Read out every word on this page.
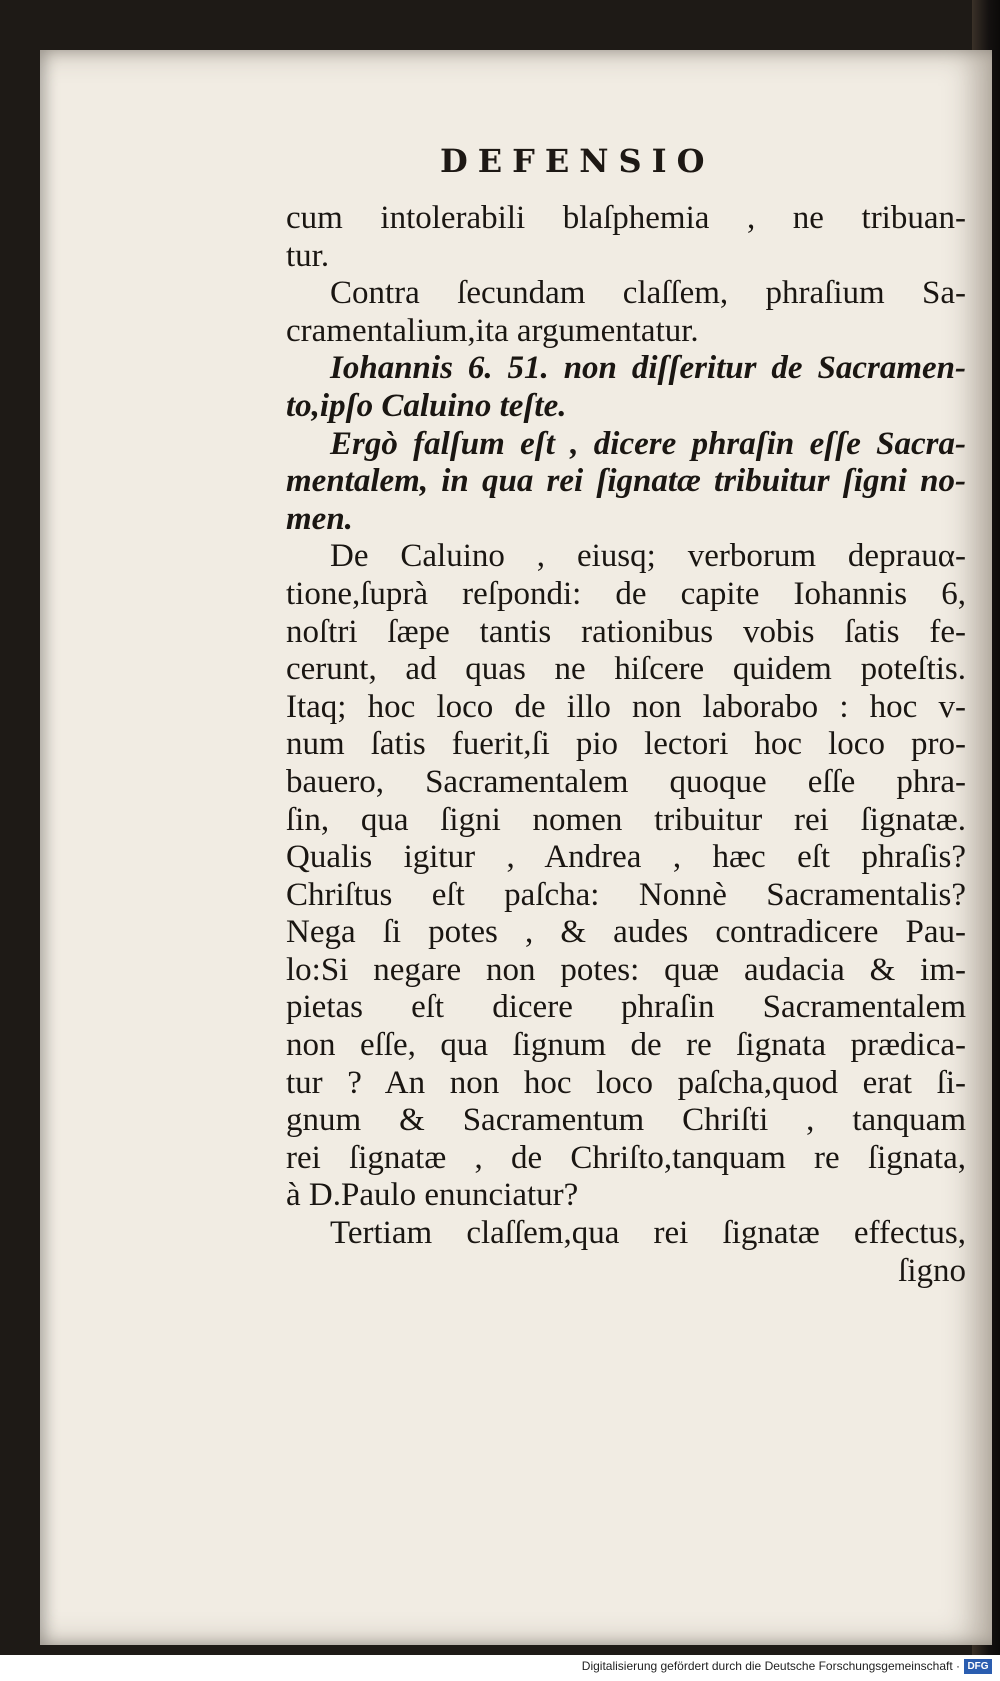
DEFENSIO
cum intolerabili blaſphemia , ne tribuan-
tur.
Contra ſecundam claſſem, phraſium Sa-
cramentalium,ita argumentatur.
Iohannis 6. 51. non diſſeritur de Sacramen-
to,ipſo Caluino teſte.
Ergò falſum eſt , dicere phraſin eſſe Sacra-
mentalem, in qua rei ſignatæ tribuitur ſigni no-
men.
De Caluino , eiusq; verborum deprauα-
tione,ſuprà reſpondi: de capite Iohannis 6,
noſtri ſæpe tantis rationibus vobis ſatis fe-
cerunt, ad quas ne hiſcere quidem poteſtis.
Itaq; hoc loco de illo non laborabo : hoc v-
num ſatis fuerit,ſi pio lectori hoc loco pro-
bauero, Sacramentalem quoque eſſe phra-
ſin, qua ſigni nomen tribuitur rei ſignatæ.
Qualis igitur , Andrea , hæc eſt phraſis?
Chriſtus eſt paſcha: Nonnè Sacramentalis?
Nega ſi potes , & audes contradicere Pau-
lo:Si negare non potes: quæ audacia & im-
pietas eſt dicere phraſin Sacramentalem
non eſſe, qua ſignum de re ſignata prædica-
tur ? An non hoc loco paſcha,quod erat ſi-
gnum & Sacramentum Chriſti , tanquam
rei ſignatæ , de Chriſto,tanquam re ſignata,
à D.Paulo enunciatur?
Tertiam claſſem,qua rei ſignatæ effectus,
ſigno
Digitalisierung gefördert durch die Deutsche Forschungsgemeinschaft · DFG
